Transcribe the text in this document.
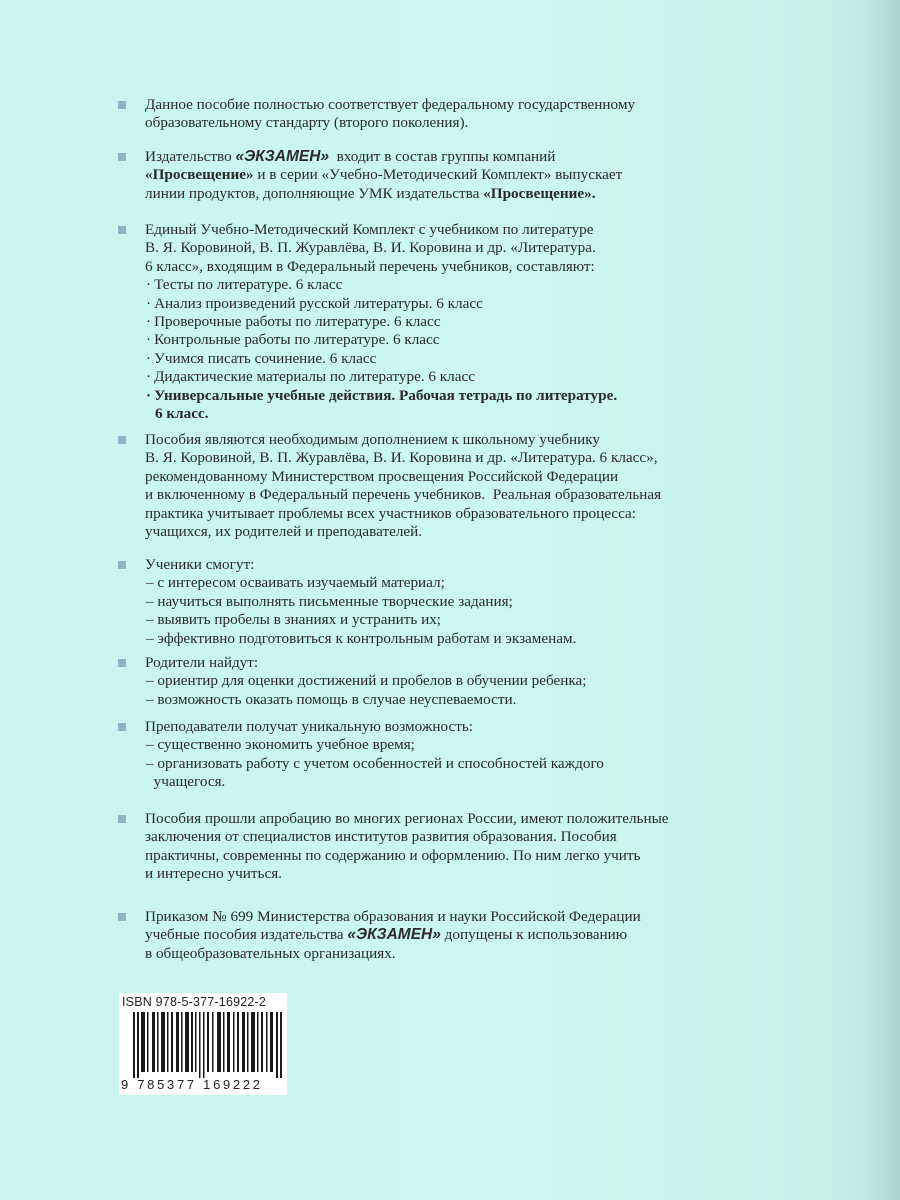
Данное пособие полностью соответствует федеральному государственному
образовательному стандарту (второго поколения).
Издательство «ЭКЗАМЕН»  входит в состав группы компаний
«Просвещение» и в серии «Учебно-Методический Комплект» выпускает
линии продуктов, дополняющие УМК издательства «Просвещение».
Единый Учебно-Методический Комплект с учебником по литературе
В. Я. Коровиной, В. П. Журавлёва, В. И. Коровина и др. «Литература.
6 класс», входящим в Федеральный перечень учебников, составляют:
· Тесты по литературе. 6 класс
· Анализ произведений русской литературы. 6 класс
· Проверочные работы по литературе. 6 класс
· Контрольные работы по литературе. 6 класс
· Учимся писать сочинение. 6 класс
· Дидактические материалы по литературе. 6 класс
· Универсальные учебные действия. Рабочая тетрадь по литературе.
6 класс.
Пособия являются необходимым дополнением к школьному учебнику
В. Я. Коровиной, В. П. Журавлёва, В. И. Коровина и др. «Литература. 6 класс»,
рекомендованному Министерством просвещения Российской Федерации
и включенному в Федеральный перечень учебников.  Реальная образовательная
практика учитывает проблемы всех участников образовательного процесса:
учащихся, их родителей и преподавателей.
Ученики смогут:
– с интересом осваивать изучаемый материал;
– научиться выполнять письменные творческие задания;
– выявить пробелы в знаниях и устранить их;
– эффективно подготовиться к контрольным работам и экзаменам.
Родители найдут:
– ориентир для оценки достижений и пробелов в обучении ребенка;
– возможность оказать помощь в случае неуспеваемости.
Преподаватели получат уникальную возможность:
– существенно экономить учебное время;
– организовать работу с учетом особенностей и способностей каждого
учащегося.
Пособия прошли апробацию во многих регионах России, имеют положительные
заключения от специалистов институтов развития образования. Пособия
практичны, современны по содержанию и оформлению. По ним легко учить
и интересно учиться.
Приказом № 699 Министерства образования и науки Российской Федерации
учебные пособия издательства «ЭКЗАМЕН» допущены к использованию
в общеобразовательных организациях.
ISBN 978-5-377-16922-2
9 785377 169222
